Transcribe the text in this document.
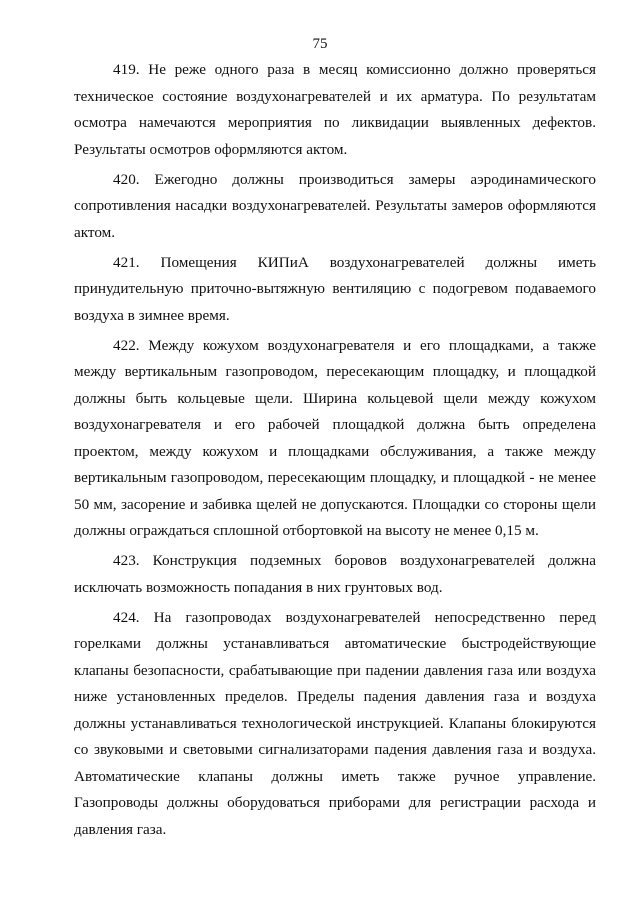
75

419. Не реже одного раза в месяц комиссионно должно проверяться техническое состояние воздухонагревателей и их арматура. По результатам осмотра намечаются мероприятия по ликвидации выявленных дефектов. Результаты осмотров оформляются актом.

420. Ежегодно должны производиться замеры аэродинамического сопротивления насадки воздухонагревателей. Результаты замеров оформляются актом.

421. Помещения КИПиА воздухонагревателей должны иметь принудительную приточно-вытяжную вентиляцию с подогревом подаваемого воздуха в зимнее время.

422. Между кожухом воздухонагревателя и его площадками, а также между вертикальным газопроводом, пересекающим площадку, и площадкой должны быть кольцевые щели. Ширина кольцевой щели между кожухом воздухонагревателя и его рабочей площадкой должна быть определена проектом, между кожухом и площадками обслуживания, а также между вертикальным газопроводом, пересекающим площадку, и площадкой - не менее 50 мм, засорение и забивка щелей не допускаются. Площадки со стороны щели должны ограждаться сплошной отбортовкой на высоту не менее 0,15 м.

423. Конструкция подземных боровов воздухонагревателей должна исключать возможность попадания в них грунтовых вод.

424. На газопроводах воздухонагревателей непосредственно перед горелками должны устанавливаться автоматические быстродействующие клапаны безопасности, срабатывающие при падении давления газа или воздуха ниже установленных пределов. Пределы падения давления газа и воздуха должны устанавливаться технологической инструкцией. Клапаны блокируются со звуковыми и световыми сигнализаторами падения давления газа и воздуха. Автоматические клапаны должны иметь также ручное управление. Газопроводы должны оборудоваться приборами для регистрации расхода и давления газа.
